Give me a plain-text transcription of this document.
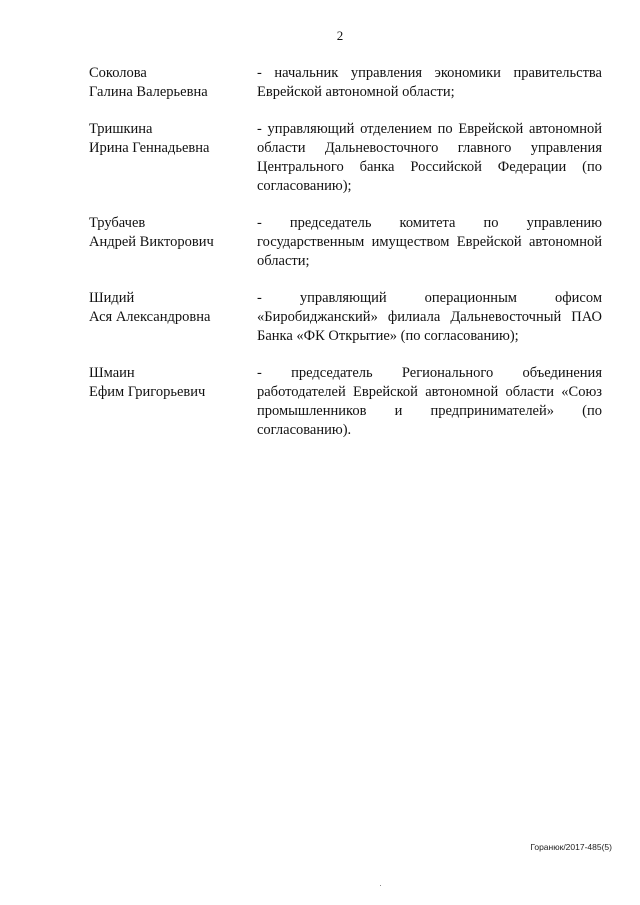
2
Соколова
Галина Валерьевна
- начальник управления экономики правительства Еврейской автономной области;
Тришкина
Ирина Геннадьевна
- управляющий отделением по Еврейской автономной области Дальневосточного главного управления Центрального банка Российской Федерации (по согласованию);
Трубачев
Андрей Викторович
- председатель комитета по управлению государственным имуществом Еврейской автономной области;
Шидий
Ася Александровна
- управляющий операционным офисом «Биробиджанский» филиала Дальневосточный ПАО Банка «ФК Открытие» (по согласованию);
Шмаин
Ефим Григорьевич
- председатель Регионального объединения работодателей Еврейской автономной области «Союз промышленников и предпринимателей» (по согласованию).
Горанюк/2017-485(5)
